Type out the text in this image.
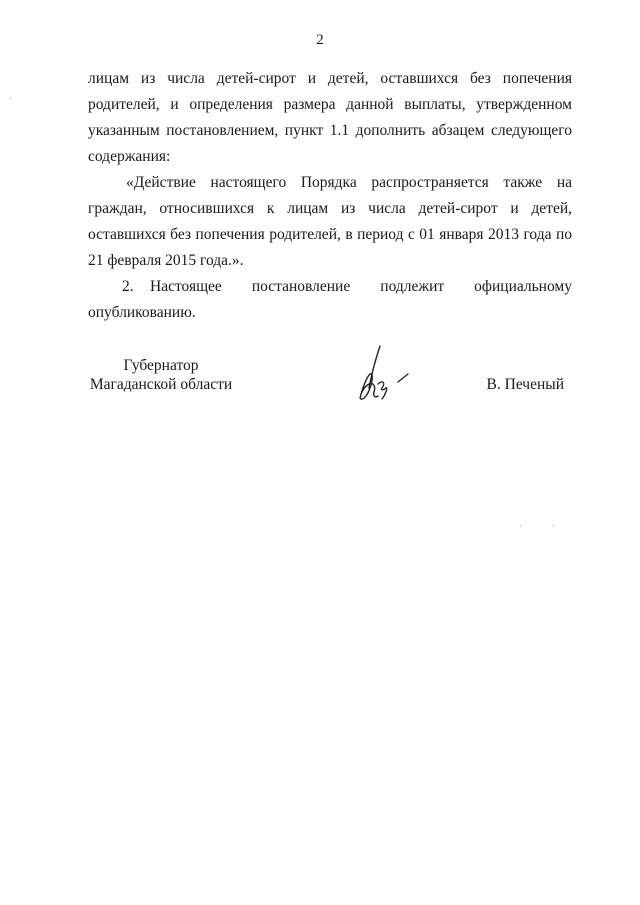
2

лицам из числа детей-сирот и детей, оставшихся без попечения родителей, и определения размера данной выплаты, утвержденном указанным постановлением, пункт 1.1 дополнить абзацем следующего содержания:

«Действие настоящего Порядка распространяется также на граждан, относившихся к лицам из числа детей-сирот и детей, оставшихся без попечения родителей, в период с 01 января 2013 года по 21 февраля 2015 года.».

2. Настоящее постановление подлежит официальному опубликованию.

Губернатор
Магаданской области	В. Печеный
